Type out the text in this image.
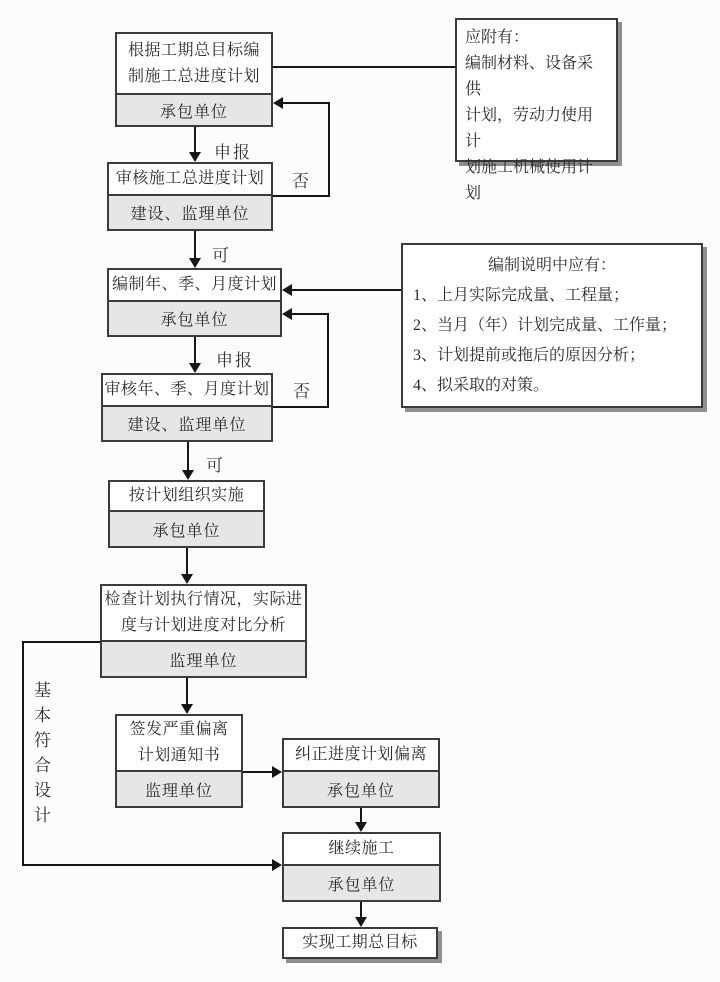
根据工期总目标编
制施工总进度计划
承包单位
审核施工总进度计划
建设、监理单位
编制年、季、月度计划
承包单位
审核年、季、月度计划
建设、监理单位
按计划组织实施
承包单位
检查计划执行情况，实际进
度与计划进度对比分析
监理单位
签发严重偏离
计划通知书
监理单位
纠正进度计划偏离
承包单位
继续施工
承包单位
实现工期总目标
应附有：
编制材料、设备采供
计划，劳动力使用计
划施工机械使用计
划
编制说明中应有：
1、上月实际完成量、工程量；
2、当月（年）计划完成量、工作量；
3、计划提前或拖后的原因分析；
4、拟采取的对策。
申报
否
可
申报
否
可
基本符合设计
